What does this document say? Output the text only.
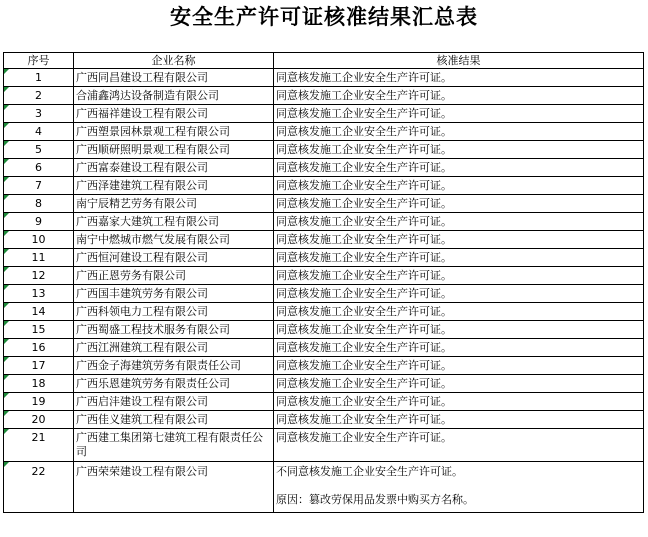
安全生产许可证核准结果汇总表
序号	企业名称	核准结果

1	广西同昌建设工程有限公司	同意核发施工企业安全生产许可证。

2	合浦鑫鸿达设备制造有限公司	同意核发施工企业安全生产许可证。

3	广西福祥建设工程有限公司	同意核发施工企业安全生产许可证。

4	广西塑景园林景观工程有限公司	同意核发施工企业安全生产许可证。

5	广西顺研照明景观工程有限公司	同意核发施工企业安全生产许可证。

6	广西富泰建设工程有限公司	同意核发施工企业安全生产许可证。

7	广西泽建建筑工程有限公司	同意核发施工企业安全生产许可证。

8	南宁辰精艺劳务有限公司	同意核发施工企业安全生产许可证。

9	广西嘉家大建筑工程有限公司	同意核发施工企业安全生产许可证。

10	南宁中燃城市燃气发展有限公司	同意核发施工企业安全生产许可证。

11	广西恒河建设工程有限公司	同意核发施工企业安全生产许可证。

12	广西正恩劳务有限公司	同意核发施工企业安全生产许可证。

13	广西国丰建筑劳务有限公司	同意核发施工企业安全生产许可证。

14	广西科领电力工程有限公司	同意核发施工企业安全生产许可证。

15	广西蜀盛工程技术服务有限公司	同意核发施工企业安全生产许可证。

16	广西江洲建筑工程有限公司	同意核发施工企业安全生产许可证。

17	广西金子海建筑劳务有限责任公司	同意核发施工企业安全生产许可证。

18	广西乐恩建筑劳务有限责任公司	同意核发施工企业安全生产许可证。

19	广西启沣建设工程有限公司	同意核发施工企业安全生产许可证。

20	广西佳义建筑工程有限公司	同意核发施工企业安全生产许可证。

21	广西建工集团第七建筑工程有限责任公司	同意核发施工企业安全生产许可证。

22	广西荣荣建设工程有限公司	不同意核发施工企业安全生产许可证。
原因：篡改劳保用品发票中购买方名称。
